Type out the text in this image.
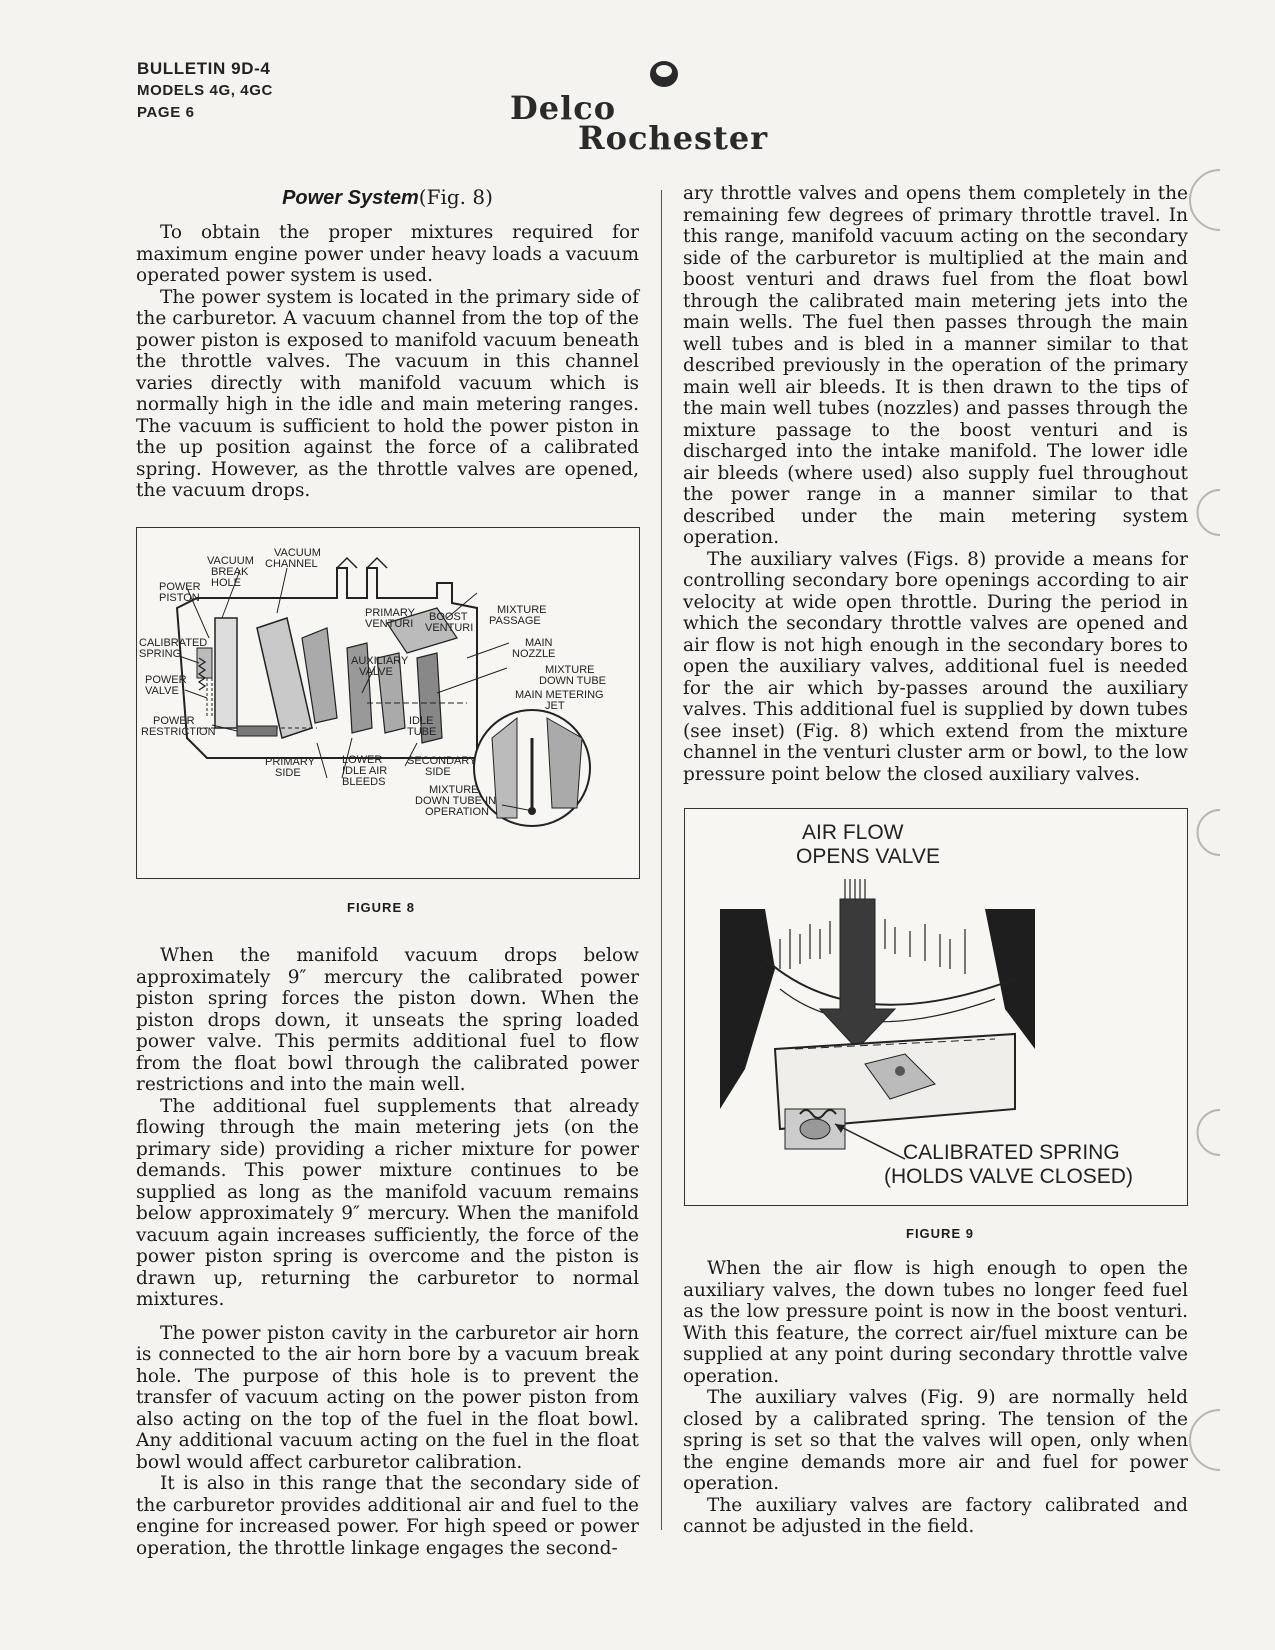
BULLETIN 9D-4
MODELS 4G, 4GC
PAGE 6	Delco
Rochester
Power System(Fig. 8)

To obtain the proper mixtures required for maximum engine power under heavy loads a vacuum operated power system is used.

The power system is located in the primary side of the carburetor. A vacuum channel from the top of the power piston is exposed to manifold vacuum beneath the throttle valves. The vacuum in this channel varies directly with manifold vacuum which is normally high in the idle and main metering ranges. The vacuum is sufficient to hold the power piston in the up position against the force of a calibrated spring. However, as the throttle valves are opened, the vacuum drops.

VACUUM
BREAK
HOLE
VACUUM
CHANNEL
POWER
PISTON
PRIMARY
VENTURI
BOOST
VENTURI
MIXTURE
PASSAGE
MAIN
NOZZLE
CALIBRATED
SPRING
MIXTURE
DOWN TUBE
AUXILIARY
VALVE
MAIN METERING
JET
POWER
VALVE
POWER
RESTRICTION
IDLE
TUBE
PRIMARY
SIDE
LOWER
IDLE AIR
BLEEDS
SECONDARY
SIDE
MIXTURE
DOWN TUBE IN
OPERATION
FIGURE 8

When the manifold vacuum drops below approximately 9″ mercury the calibrated power piston spring forces the piston down. When the piston drops down, it unseats the spring loaded power valve. This permits additional fuel to flow from the float bowl through the calibrated power restrictions and into the main well.

The additional fuel supplements that already flowing through the main metering jets (on the primary side) providing a richer mixture for power demands. This power mixture continues to be supplied as long as the manifold vacuum remains below approximately 9″ mercury. When the manifold vacuum again increases sufficiently, the force of the power piston spring is overcome and the piston is drawn up, returning the carburetor to normal mixtures.

The power piston cavity in the carburetor air horn is connected to the air horn bore by a vacuum break hole. The purpose of this hole is to prevent the transfer of vacuum acting on the power piston from also acting on the top of the fuel in the float bowl. Any additional vacuum acting on the fuel in the float bowl would affect carburetor calibration.

It is also in this range that the secondary side of the carburetor provides additional air and fuel to the engine for increased power. For high speed or power operation, the throttle linkage engages the second-

ary throttle valves and opens them completely in the remaining few degrees of primary throttle travel. In this range, manifold vacuum acting on the secondary side of the carburetor is multiplied at the main and boost venturi and draws fuel from the float bowl through the calibrated main metering jets into the main wells. The fuel then passes through the main well tubes and is bled in a manner similar to that described previously in the operation of the primary main well air bleeds. It is then drawn to the tips of the main well tubes (nozzles) and passes through the mixture passage to the boost venturi and is discharged into the intake manifold. The lower idle air bleeds (where used) also supply fuel throughout the power range in a manner similar to that described under the main metering system operation.

The auxiliary valves (Figs. 8) provide a means for controlling secondary bore openings according to air velocity at wide open throttle. During the period in which the secondary throttle valves are opened and air flow is not high enough in the secondary bores to open the auxiliary valves, additional fuel is needed for the air which by-passes around the auxiliary valves. This additional fuel is supplied by down tubes (see inset) (Fig. 8) which extend from the mixture channel in the venturi cluster arm or bowl, to the low pressure point below the closed auxiliary valves.

AIR FLOW
OPENS VALVE
CALIBRATED SPRING
(HOLDS VALVE CLOSED)
FIGURE 9

When the air flow is high enough to open the auxiliary valves, the down tubes no longer feed fuel as the low pressure point is now in the boost venturi. With this feature, the correct air/fuel mixture can be supplied at any point during secondary throttle valve operation.

The auxiliary valves (Fig. 9) are normally held closed by a calibrated spring. The tension of the spring is set so that the valves will open, only when the engine demands more air and fuel for power operation.

The auxiliary valves are factory calibrated and cannot be adjusted in the field.
